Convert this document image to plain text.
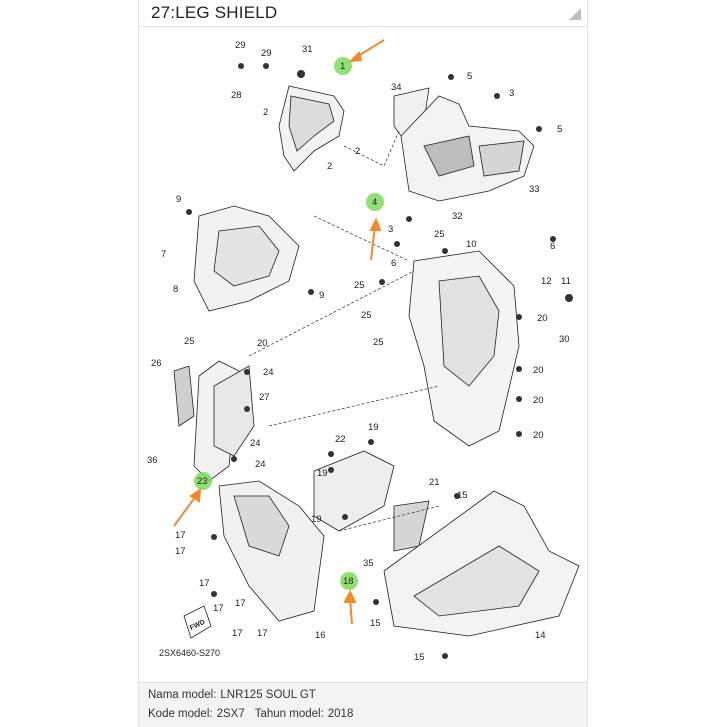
27:LEG SHIELD
29
29
28
31
2
2
2
34
5
3
5
33
32
3
9
7
8
9
25	20
25
10
6
6
12 11
25
25
25
20
30
20
20
20
26
24
27
24
24
36
22
19
19
19
21
15
35
17
17
17
17 17
17 17	16
15
14
15
1
4
18
23
FWD
2SX6460-S270
Nama model: LNR125 SOUL GT
Kode model: 2SX7 Tahun model: 2018
